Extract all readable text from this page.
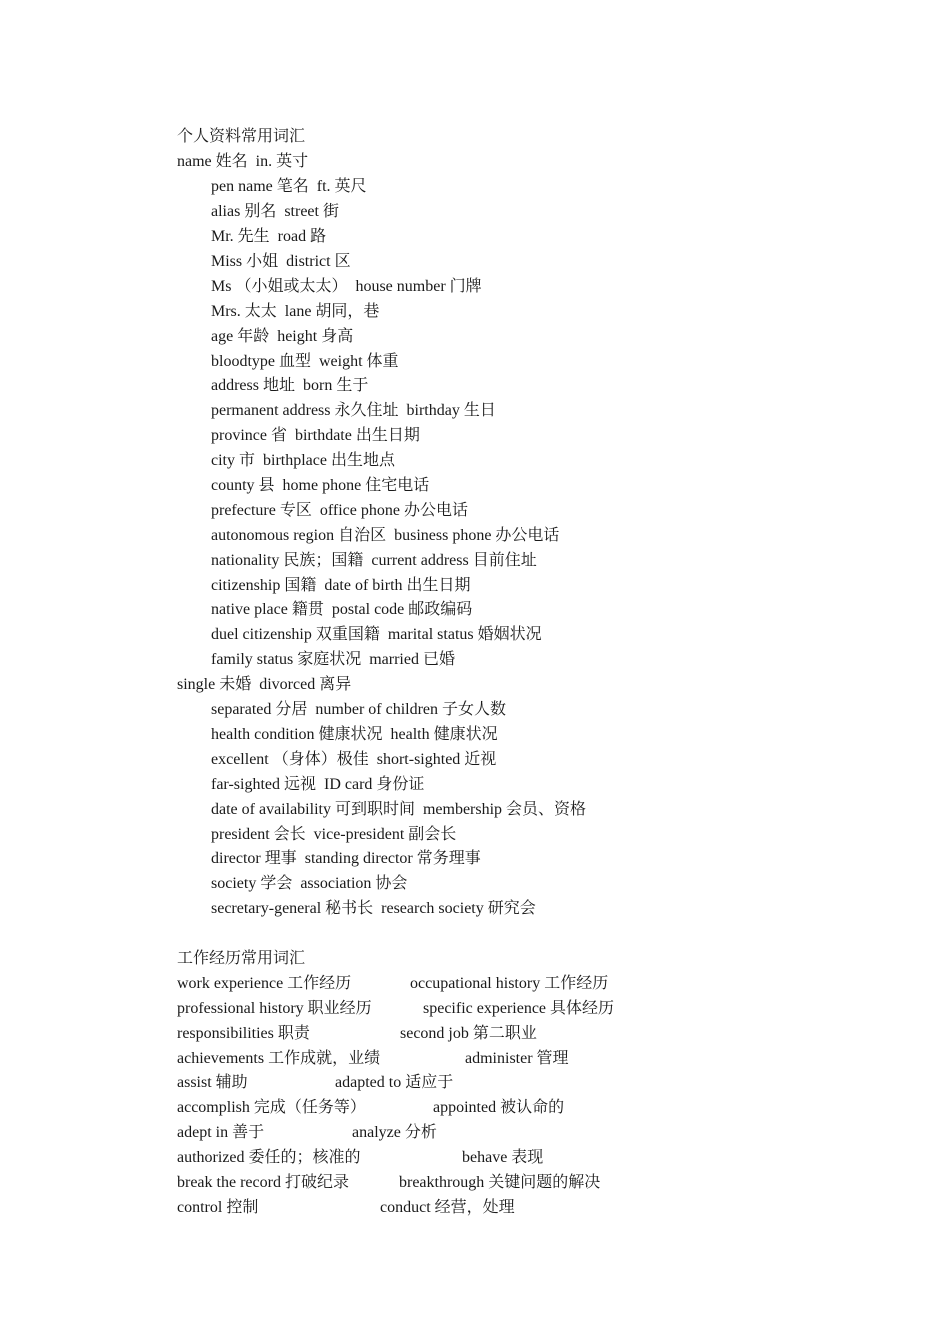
个人资料常用词汇
name 姓名  in. 英寸
pen name 笔名  ft. 英尺
alias 别名  street 街
Mr. 先生  road 路
Miss 小姐  district 区
Ms （小姐或太太）  house number 门牌
Mrs. 太太  lane 胡同，巷
age 年龄  height 身高
bloodtype 血型  weight 体重
address 地址  born 生于
permanent address 永久住址  birthday 生日
province 省  birthdate 出生日期
city 市  birthplace 出生地点
county 县  home phone 住宅电话
prefecture 专区  office phone 办公电话
autonomous region 自治区  business phone 办公电话
nationality 民族；国籍  current address 目前住址
citizenship 国籍  date of birth 出生日期
native place 籍贯  postal code 邮政编码
duel citizenship 双重国籍  marital status 婚姻状况
family status 家庭状况  married 已婚
single 未婚  divorced 离异
separated 分居  number of children 子女人数
health condition 健康状况  health 健康状况
excellent （身体）极佳  short-sighted 近视
far-sighted 远视  ID card 身份证
date of availability 可到职时间  membership 会员、资格
president 会长  vice-president 副会长
director 理事  standing director 常务理事
society 学会  association 协会
secretary-general 秘书长  research society 研究会
工作经历常用词汇
work experience 工作经历	occupational history 工作经历
professional history 职业经历	specific experience 具体经历
responsibilities 职责	second job 第二职业
achievements 工作成就，业绩	administer 管理
assist 辅助	adapted to 适应于
accomplish 完成（任务等）	appointed 被认命的
adept in 善于	analyze 分析
authorized 委任的；核准的	behave 表现
break the record 打破纪录	breakthrough 关键问题的解决
control 控制	conduct 经营，处理
